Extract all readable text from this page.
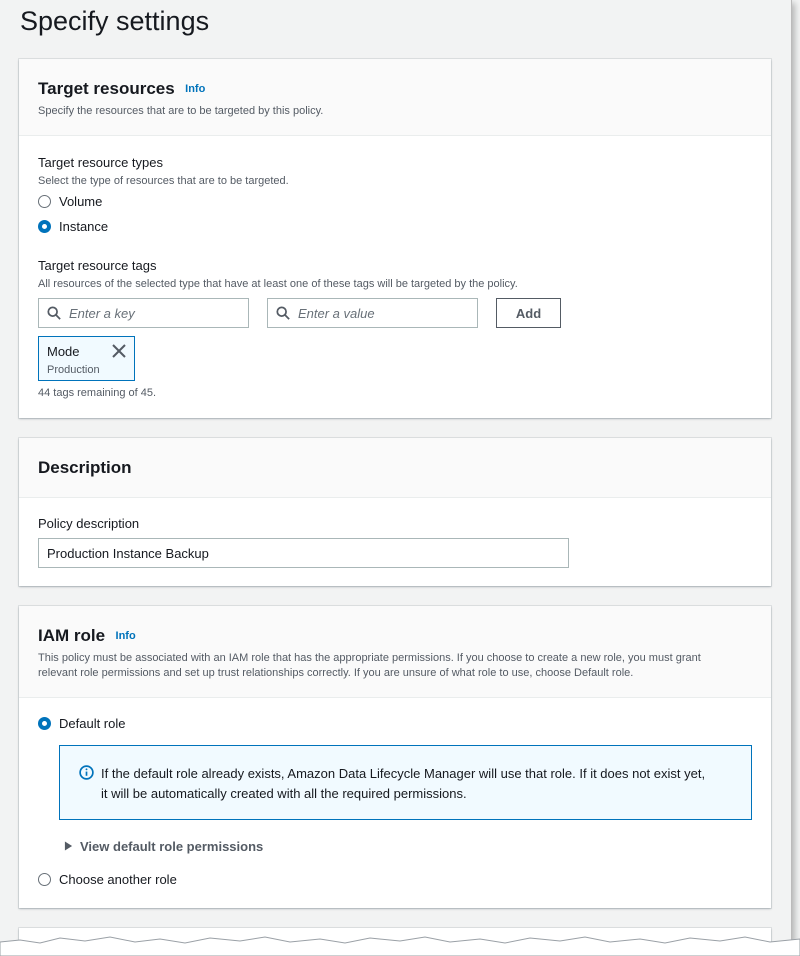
Specify settings
Target resources Info
Specify the resources that are to be targeted by this policy.
Target resource types
Select the type of resources that are to be targeted.
Volume
Instance
Target resource tags
All resources of the selected type that have at least one of these tags will be targeted by the policy.
Enter a key
Enter a value
Add
Mode
Production
44 tags remaining of 45.
Description
Policy description
Production Instance Backup
IAM role Info
This policy must be associated with an IAM role that has the appropriate permissions. If you choose to create a new role, you must grant
relevant role permissions and set up trust relationships correctly. If you are unsure of what role to use, choose Default role.
Default role
If the default role already exists, Amazon Data Lifecycle Manager will use that role. If it does not exist yet,
it will be automatically created with all the required permissions.
View default role permissions
Choose another role
